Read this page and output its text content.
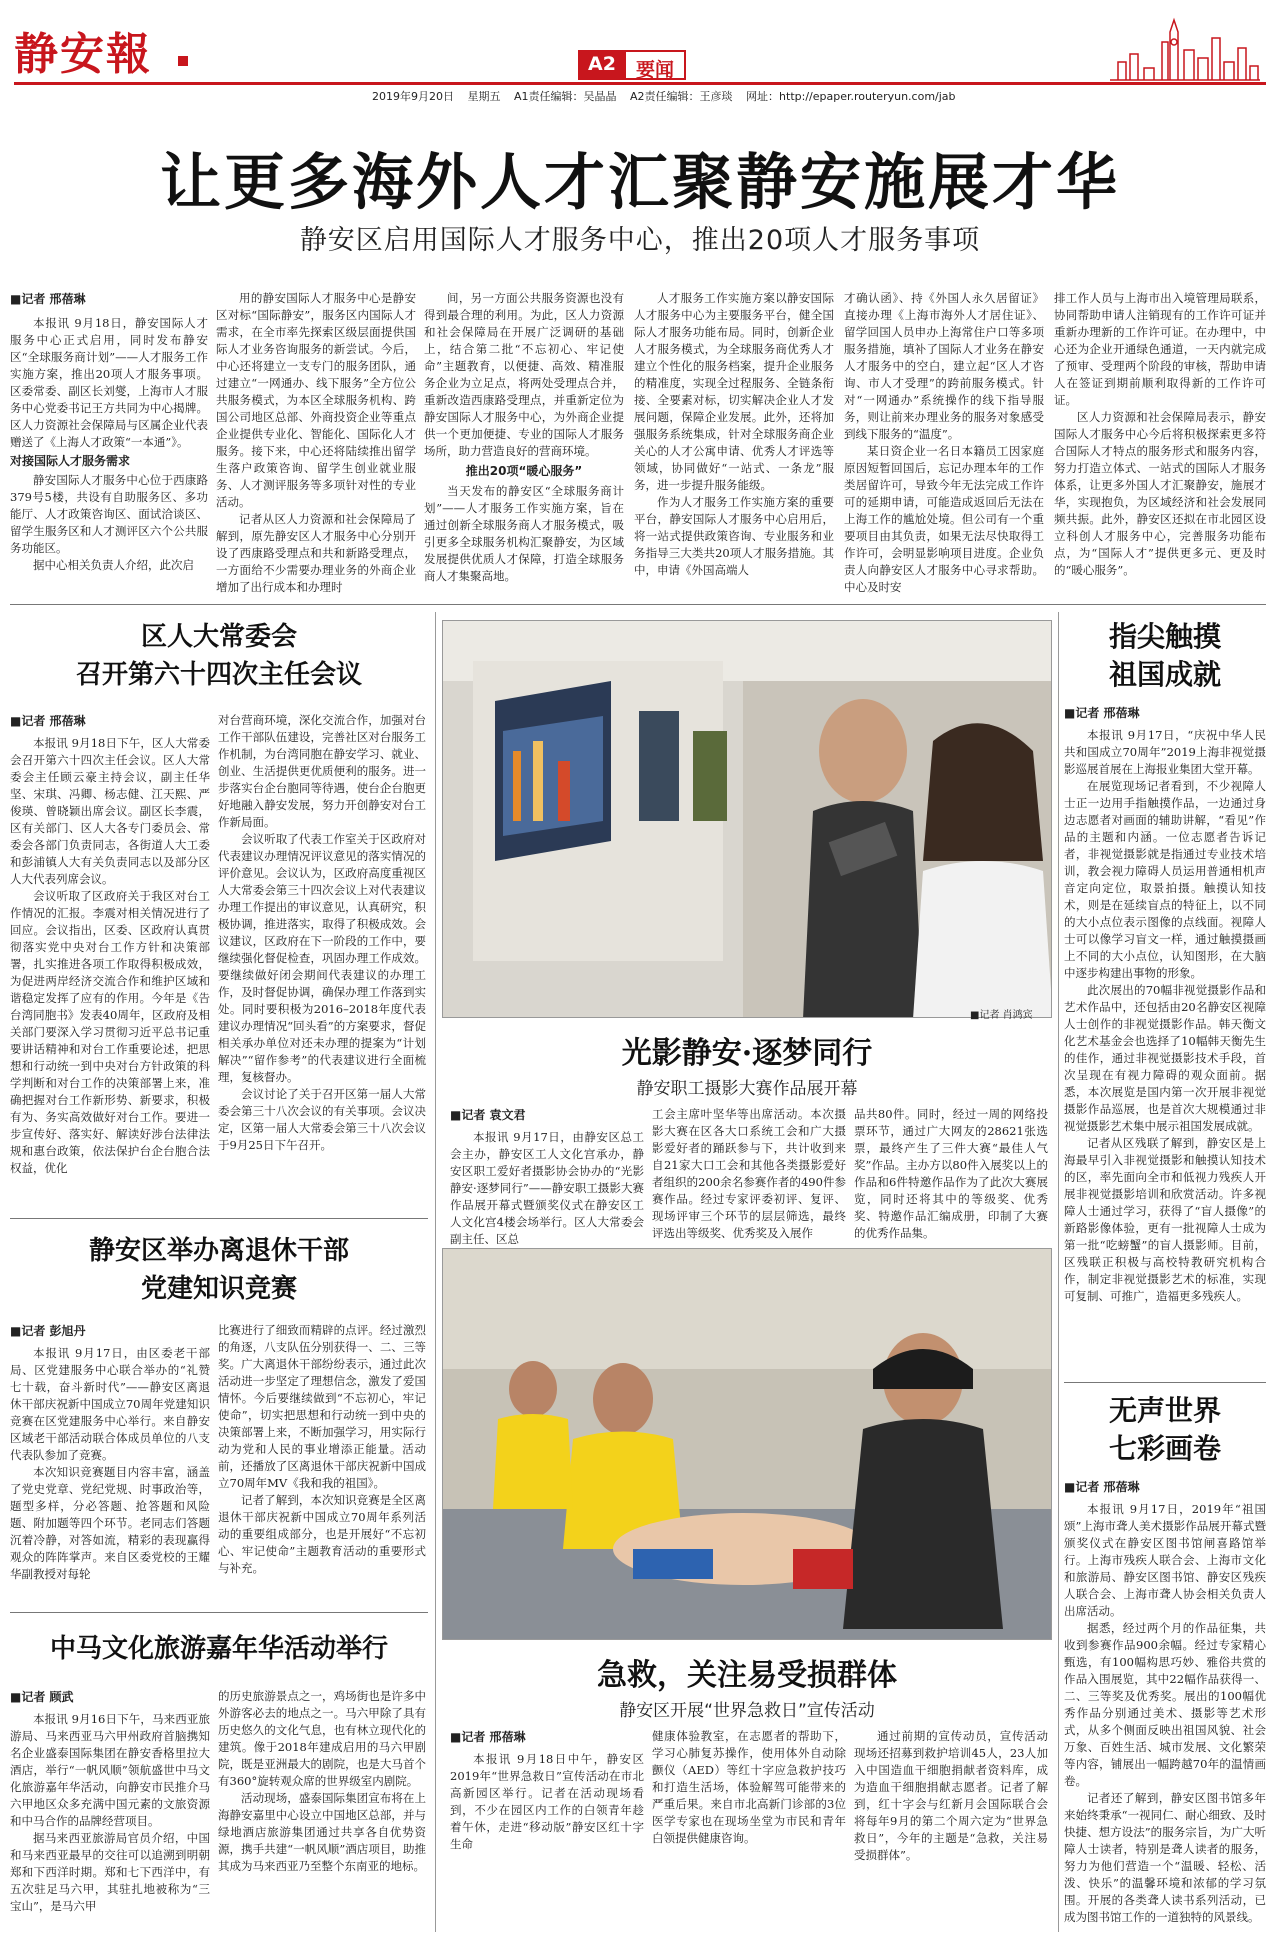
静安報	A2	要闻
2019年9月20日 星期五 A1责任编辑：吴晶晶 A2责任编辑：王彦琰 网址：http://epaper.routeryun.com/jab
让更多海外人才汇聚静安施展才华
静安区启用国际人才服务中心，推出20项人才服务事项
■记者 邢蓓琳

本报讯 9月18日，静安国际人才服务中心正式启用，同时发布静安区“全球服务商计划”——人才服务工作实施方案，推出20项人才服务事项。区委常委、副区长刘燮，上海市人才服务中心党委书记王方共同为中心揭牌。区人力资源社会保障局与区属企业代表赠送了《上海人才政策“一本通”》。

对接国际人才服务需求

静安国际人才服务中心位于西康路379号5楼，共设有自助服务区、多功能厅、人才政策咨询区、面试洽谈区、留学生服务区和人才测评区六个公共服务功能区。

据中心相关负责人介绍，此次启

用的静安国际人才服务中心是静安区对标“国际静安”，服务区内国际人才需求，在全市率先探索区级层面提供国际人才业务咨询服务的新尝试。今后，中心还将建立一支专门的服务团队，通过建立“一网通办、线下服务”全方位公共服务模式，为本区全球服务机构、跨国公司地区总部、外商投资企业等重点企业提供专业化、智能化、国际化人才服务。接下来，中心还将陆续推出留学生落户政策咨询、留学生创业就业服务、人才测评服务等多项针对性的专业活动。

记者从区人力资源和社会保障局了解到，原先静安区人才服务中心分别开设了西康路受理点和共和新路受理点，一方面给不少需要办理业务的外商企业增加了出行成本和办理时

间，另一方面公共服务资源也没有得到最合理的利用。为此，区人力资源和社会保障局在开展广泛调研的基础上，结合第二批“不忘初心、牢记使命”主题教育，以便捷、高效、精准服务企业为立足点，将两处受理点合并，重新改造西康路受理点，并重新定位为静安国际人才服务中心，为外商企业提供一个更加便捷、专业的国际人才服务场所，助力营造良好的营商环境。

推出20项“暖心服务”

当天发布的静安区“全球服务商计划”——人才服务工作实施方案，旨在通过创新全球服务商人才服务模式，吸引更多全球服务机构汇聚静安，为区域发展提供优质人才保障，打造全球服务商人才集聚高地。

人才服务工作实施方案以静安国际人才服务中心为主要服务平台，健全国际人才服务功能布局。同时，创新企业人才服务模式，为全球服务商优秀人才建立个性化的服务档案，提升企业服务的精准度，实现全过程服务、全链条衔接、全要素对标，切实解决企业人才发展问题，保障企业发展。此外，还将加强服务系统集成，针对全球服务商企业关心的人才公寓申请、优秀人才评选等领域，协同做好“一站式、一条龙”服务，进一步提升服务能级。

作为人才服务工作实施方案的重要平台，静安国际人才服务中心启用后，将一站式提供政策咨询、专业服务和业务指导三大类共20项人才服务措施。其中，申请《外国高端人

才确认函》、持《外国人永久居留证》直接办理《上海市海外人才居住证》、留学回国人员申办上海常住户口等多项服务措施，填补了国际人才业务在静安人才服务中的空白，建立起“区人才咨询、市人才受理”的跨前服务模式。针对“一网通办”系统操作的线下指导服务，则让前来办理业务的服务对象感受到线下服务的“温度”。

某日资企业一名日本籍员工因家庭原因短暂回国后，忘记办理本年的工作类居留许可，导致今年无法完成工作许可的延期申请，可能造成返回后无法在上海工作的尴尬处境。但公司有一个重要项目由其负责，如果无法尽快取得工作许可，会明显影响项目进度。企业负责人向静安区人才服务中心寻求帮助。中心及时安

排工作人员与上海市出入境管理局联系，协同帮助申请人注销现有的工作许可证并重新办理新的工作许可证。在办理中，中心还为企业开通绿色通道，一天内就完成了预审、受理两个阶段的审核，帮助申请人在签证到期前顺利取得新的工作许可证。

区人力资源和社会保障局表示，静安国际人才服务中心今后将积极探索更多符合国际人才特点的服务形式和服务内容，努力打造立体式、一站式的国际人才服务体系，让更多外国人才汇聚静安，施展才华，实现抱负，为区域经济和社会发展同频共振。此外，静安区还拟在市北园区设立科创人才服务中心，完善服务功能布点，为“国际人才”提供更多元、更及时的“暖心服务”。

区人大常委会
召开第六十四次主任会议
■记者 邢蓓琳

本报讯 9月18日下午，区人大常委会召开第六十四次主任会议。区人大常委会主任顾云豪主持会议，副主任华坚、宋琪、冯卿、杨志健、江天熙、严俊瑛、曾晓颖出席会议。副区长李震，区有关部门、区人大各专门委员会、常委会各部门负责同志，各街道人大工委和彭浦镇人大有关负责同志以及部分区人大代表列席会议。

会议听取了区政府关于我区对台工作情况的汇报。李震对相关情况进行了回应。会议指出，区委、区政府认真贯彻落实党中央对台工作方针和决策部署，扎实推进各项工作取得积极成效，为促进两岸经济交流合作和维护区域和谐稳定发挥了应有的作用。今年是《告台湾同胞书》发表40周年，区政府及相关部门要深入学习贯彻习近平总书记重要讲话精神和对台工作重要论述，把思想和行动统一到中央对台方针政策的科学判断和对台工作的决策部署上来，准确把握对台工作新形势、新要求，积极有为、务实高效做好对台工作。要进一步宣传好、落实好、解读好涉台法律法规和惠台政策，依法保护台企台胞合法权益，优化

对台营商环境，深化交流合作，加强对台工作干部队伍建设，完善社区对台服务工作机制，为台湾同胞在静安学习、就业、创业、生活提供更优质便利的服务。进一步落实台企台胞同等待遇，使台企台胞更好地融入静安发展，努力开创静安对台工作新局面。

会议听取了代表工作室关于区政府对代表建议办理情况评议意见的落实情况的评价意见。会议认为，区政府高度重视区人大常委会第三十四次会议上对代表建议办理工作提出的审议意见，认真研究，积极协调，推进落实，取得了积极成效。会议建议，区政府在下一阶段的工作中，要继续强化督促检查，巩固办理工作成效。要继续做好闭会期间代表建议的办理工作，及时督促协调，确保办理工作落到实处。同时要积极为2016–2018年度代表建议办理情况“回头看”的方案要求，督促相关承办单位对还未办理的提案为“计划解决”“留作参考”的代表建议进行全面梳理，复核督办。

会议讨论了关于召开区第一届人大常委会第三十八次会议的有关事项。会议决定，区第一届人大常委会第三十八次会议于9月25日下午召开。

静安区举办离退休干部
党建知识竞赛
■记者 彭旭丹

本报讯 9月17日，由区委老干部局、区党建服务中心联合举办的“礼赞七十载，奋斗新时代”——静安区离退休干部庆祝新中国成立70周年党建知识竞赛在区党建服务中心举行。来自静安区域老干部活动联合体成员单位的八支代表队参加了竞赛。

本次知识竞赛题目内容丰富，涵盖了党史党章、党纪党规、时事政治等，题型多样，分必答题、抢答题和风险题、附加题等四个环节。老同志们答题沉着冷静，对答如流，精彩的表现赢得观众的阵阵掌声。来自区委党校的王耀华副教授对每轮

比赛进行了细致而精辟的点评。经过激烈的角逐，八支队伍分别获得一、二、三等奖。广大离退休干部纷纷表示，通过此次活动进一步坚定了理想信念，激发了爱国情怀。今后要继续做到“不忘初心，牢记使命”，切实把思想和行动统一到中央的决策部署上来，不断加强学习，用实际行动为党和人民的事业增添正能量。活动前，还播放了区离退休干部庆祝新中国成立70周年MV《我和我的祖国》。

记者了解到，本次知识竞赛是全区离退休干部庆祝新中国成立70周年系列活动的重要组成部分，也是开展好“不忘初心、牢记使命”主题教育活动的重要形式与补充。

中马文化旅游嘉年华活动举行
■记者 顾武

本报讯 9月16日下午，马来西亚旅游局、马来西亚马六甲州政府首脑携知名企业盛泰国际集团在静安香格里拉大酒店，举行“一帆风顺”领航盛世中马文化旅游嘉年华活动，向静安市民推介马六甲地区众多充满中国元素的文旅资源和中马合作的品牌经营项目。

据马来西亚旅游局官员介绍，中国和马来西亚最早的交往可以追溯到明朝郑和下西洋时期。郑和七下西洋中，有五次驻足马六甲，其驻扎地被称为“三宝山”，是马六甲

的历史旅游景点之一，鸡场街也是许多中外游客必去的地点之一。马六甲除了具有历史悠久的文化气息，也有林立现代化的建筑。像于2018年建成启用的马六甲剧院，既是亚洲最大的剧院，也是大马首个有360°旋转观众席的世界级室内剧院。

活动现场，盛泰国际集团宣布将在上海静安嘉里中心设立中国地区总部，并与绿地酒店旅游集团通过共享各自优势资源，携手共建“一帆风顺”酒店项目，助推其成为马来西亚乃至整个东南亚的地标。

■记者 肖鸿宾
光影静安·逐梦同行
静安职工摄影大赛作品展开幕
■记者 袁文君

本报讯 9月17日，由静安区总工会主办，静安区工人文化宫承办，静安区职工爱好者摄影协会协办的“光影静安·逐梦同行”——静安职工摄影大赛作品展开幕式暨颁奖仪式在静安区工人文化宫4楼会场举行。区人大常委会副主任、区总

工会主席叶坚华等出席活动。本次摄影大赛在区各大口系统工会和广大摄影爱好者的踊跃参与下，共计收到来自21家大口工会和其他各类摄影爱好者组织的200余名参赛作者的490件参赛作品。经过专家评委初评、复评、现场评审三个环节的层层筛选，最终评选出等级奖、优秀奖及入展作

品共80件。同时，经过一周的网络投票环节，通过广大网友的28621张选票，最终产生了三件大赛“最佳人气奖”作品。主办方以80件入展奖以上的作品和6件特邀作品作为了此次大赛展览，同时还将其中的等级奖、优秀奖、特邀作品汇编成册，印制了大赛的优秀作品集。

急救，关注易受损群体
静安区开展“世界急救日”宣传活动
■记者 邢蓓琳

本报讯 9月18日中午，静安区2019年“世界急救日”宣传活动在市北高新园区举行。记者在活动现场看到，不少在园区内工作的白领青年趁着午休，走进“移动版”静安区红十字生命

健康体验教室，在志愿者的帮助下，学习心肺复苏操作，使用体外自动除颤仪（AED）等红十字应急救护技巧和打造生活场，体验解驾可能带来的严重后果。来自市北高新门诊部的3位医学专家也在现场坐堂为市民和青年白领提供健康咨询。

通过前期的宣传动员，宣传活动现场还招募到救护培训45人，23人加入中国造血干细胞捐献者资料库，成为造血干细胞捐献志愿者。记者了解到，红十字会与红新月会国际联合会将每年9月的第二个周六定为“世界急救日”，今年的主题是“急救，关注易受损群体”。

指尖触摸
祖国成就
■记者 邢蓓琳

本报讯 9月17日，“庆祝中华人民共和国成立70周年”2019上海非视觉摄影巡展首展在上海报业集团大堂开幕。

在展览现场记者看到，不少视障人士正一边用手指触摸作品，一边通过身边志愿者对画面的辅助讲解，“看见”作品的主题和内涵。一位志愿者告诉记者，非视觉摄影就是指通过专业技术培训，教会视力障碍人员运用普通相机声音定向定位，取景拍摄。触摸认知技术，则是在延续盲点的特征上，以不同的大小点位表示图像的点线面。视障人士可以像学习盲文一样，通过触摸摄画上不同的大小点位，认知图形，在大脑中逐步构建出事物的形象。

此次展出的70幅非视觉摄影作品和艺术作品中，还包括由20名静安区视障人士创作的非视觉摄影作品。韩天衡文化艺术基金会也选择了10幅韩天衡先生的佳作，通过非视觉摄影技术手段，首次呈现在有视力障碍的观众面前。据悉，本次展览是国内第一次开展非视觉摄影作品巡展，也是首次大规模通过非视觉摄影艺术集中展示祖国发展成就。

记者从区残联了解到，静安区是上海最早引入非视觉摄影和触摸认知技术的区，率先面向全市和低视力残疾人开展非视觉摄影培训和欣赏活动。许多视障人士通过学习，获得了“盲人摄像”的新路影像体验，更有一批视障人士成为第一批“吃螃蟹”的盲人摄影师。目前，区残联正积极与高校特教研究机构合作，制定非视觉摄影艺术的标准，实现可复制、可推广，造福更多残疾人。

无声世界
七彩画卷
■记者 邢蓓琳

本报讯 9月17日，2019年“祖国颂”上海市聋人美术摄影作品展开幕式暨颁奖仪式在静安区图书馆闸喜路馆举行。上海市残疾人联合会、上海市文化和旅游局、静安区图书馆、静安区残疾人联合会、上海市聋人协会相关负责人出席活动。

据悉，经过两个月的作品征集，共收到参赛作品900余幅。经过专家精心甄选，有100幅构思巧妙、雅俗共赏的作品入围展览，其中22幅作品获得一、二、三等奖及优秀奖。展出的100幅优秀作品分别通过美术、摄影等艺术形式，从多个侧面反映出祖国风貌、社会万象、百姓生活、城市发展、文化繁荣等内容，铺展出一幅跨越70年的温情画卷。

记者还了解到，静安区图书馆多年来始终秉承“一视同仁、耐心细致、及时快捷、想方设法”的服务宗旨，为广大听障人士读者，特别是聋人读者的服务，努力为他们营造一个“温暖、轻松、活泼、快乐”的温馨环境和浓郁的学习氛围。开展的各类聋人读书系列活动，已成为图书馆工作的一道独特的风景线。
